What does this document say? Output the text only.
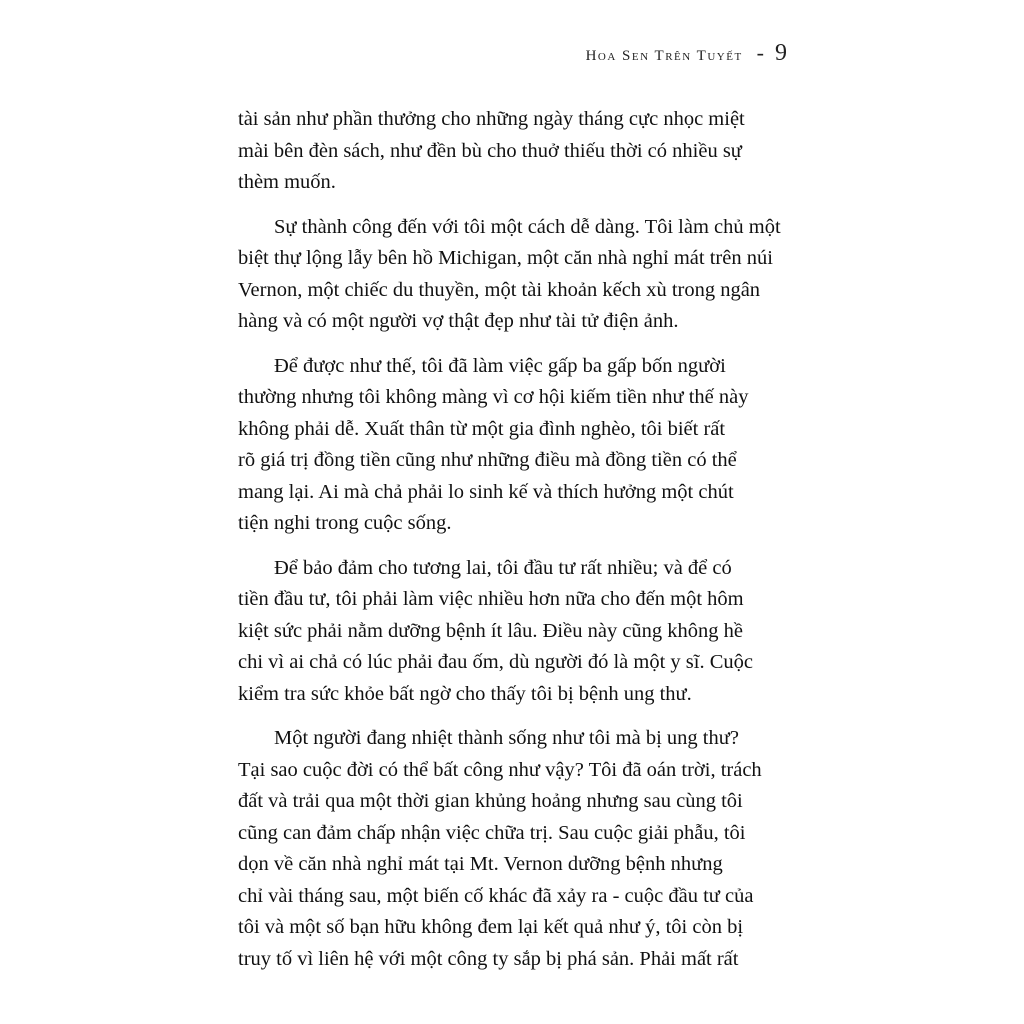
Hoa Sen Trên Tuyết - 9

tài sản như phần thưởng cho những ngày tháng cực nhọc miệt
mài bên đèn sách, như đền bù cho thuở thiếu thời có nhiều sự
thèm muốn.

Sự thành công đến với tôi một cách dễ dàng. Tôi làm chủ một
biệt thự lộng lẫy bên hồ Michigan, một căn nhà nghỉ mát trên núi
Vernon, một chiếc du thuyền, một tài khoản kếch xù trong ngân
hàng và có một người vợ thật đẹp như tài tử điện ảnh.

Để được như thế, tôi đã làm việc gấp ba gấp bốn người
thường nhưng tôi không màng vì cơ hội kiếm tiền như thế này
không phải dễ. Xuất thân từ một gia đình nghèo, tôi biết rất
rõ giá trị đồng tiền cũng như những điều mà đồng tiền có thể
mang lại. Ai mà chả phải lo sinh kế và thích hưởng một chút
tiện nghi trong cuộc sống.

Để bảo đảm cho tương lai, tôi đầu tư rất nhiều; và để có
tiền đầu tư, tôi phải làm việc nhiều hơn nữa cho đến một hôm
kiệt sức phải nằm dưỡng bệnh ít lâu. Điều này cũng không hề
chi vì ai chả có lúc phải đau ốm, dù người đó là một y sĩ. Cuộc
kiểm tra sức khỏe bất ngờ cho thấy tôi bị bệnh ung thư.

Một người đang nhiệt thành sống như tôi mà bị ung thư?
Tại sao cuộc đời có thể bất công như vậy? Tôi đã oán trời, trách
đất và trải qua một thời gian khủng hoảng nhưng sau cùng tôi
cũng can đảm chấp nhận việc chữa trị. Sau cuộc giải phẫu, tôi
dọn về căn nhà nghỉ mát tại Mt. Vernon dưỡng bệnh nhưng
chỉ vài tháng sau, một biến cố khác đã xảy ra - cuộc đầu tư của
tôi và một số bạn hữu không đem lại kết quả như ý, tôi còn bị
truy tố vì liên hệ với một công ty sắp bị phá sản. Phải mất rất
